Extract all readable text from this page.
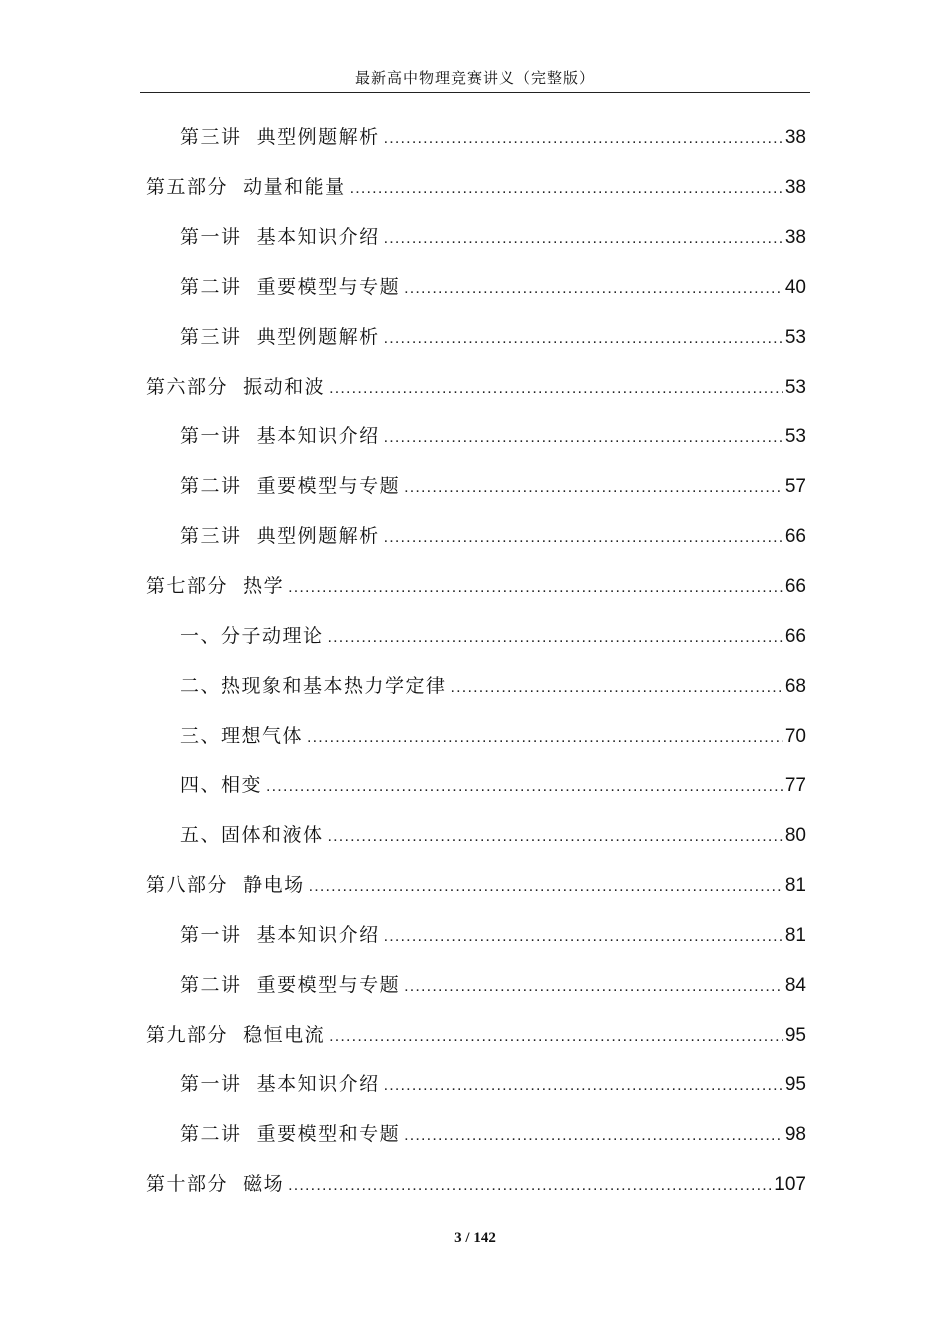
最新高中物理竞赛讲义（完整版）
第三讲  典型例题解析 .....	38
第五部分  动量和能量 .....	38
第一讲  基本知识介绍 .....	38
第二讲  重要模型与专题 .....	40
第三讲  典型例题解析 .....	53
第六部分  振动和波 .....	53
第一讲  基本知识介绍 .....	53
第二讲  重要模型与专题 .....	57
第三讲  典型例题解析 .....	66
第七部分  热学 .....	66
一、分子动理论 .....	66
二、热现象和基本热力学定律 .....	68
三、理想气体 .....	70
四、相变 .....	77
五、固体和液体 .....	80
第八部分  静电场 .....	81
第一讲  基本知识介绍 .....	81
第二讲  重要模型与专题 .....	84
第九部分  稳恒电流 .....	95
第一讲  基本知识介绍 .....	95
第二讲  重要模型和专题 .....	98
第十部分  磁场 .....	107
3 / 142
